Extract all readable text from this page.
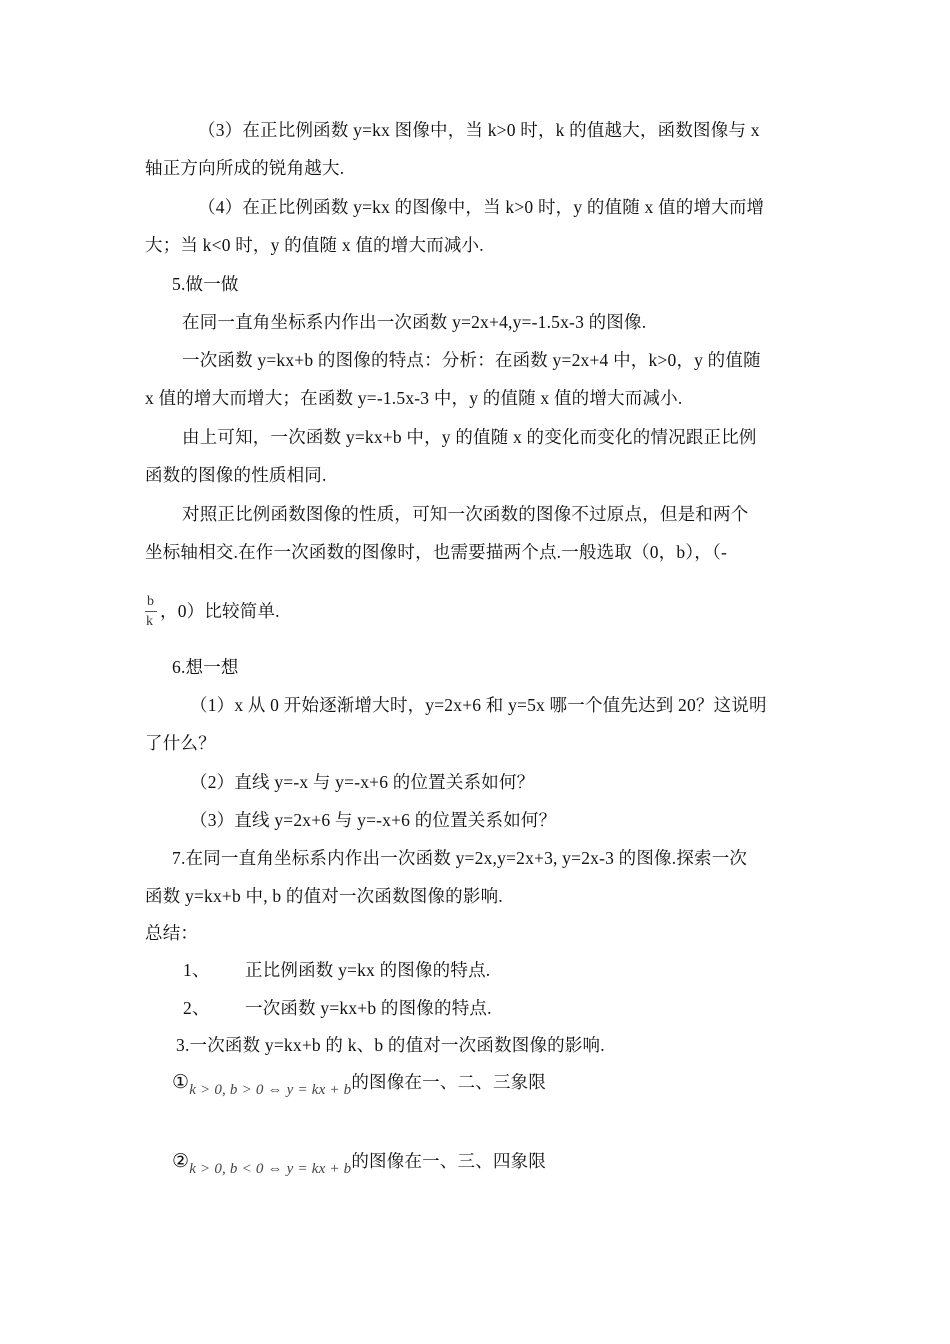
（3）在正比例函数 y=kx 图像中，当 k>0 时，k 的值越大，函数图像与 x
轴正方向所成的锐角越大.
（4）在正比例函数 y=kx 的图像中，当 k>0 时，y 的值随 x 值的增大而增
大；当 k<0 时，y 的值随 x 值的增大而减小.
5.做一做
在同一直角坐标系内作出一次函数 y=2x+4,y=-1.5x-3 的图像.
一次函数 y=kx+b 的图像的特点：分析：在函数 y=2x+4 中，k>0，y 的值随
x 值的增大而增大；在函数 y=-1.5x-3 中，y 的值随 x 值的增大而减小.
由上可知，一次函数 y=kx+b 中，y 的值随 x 的变化而变化的情况跟正比例
函数的图像的性质相同.
对照正比例函数图像的性质，可知一次函数的图像不过原点，但是和两个
坐标轴相交.在作一次函数的图像时，也需要描两个点.一般选取（0，b），（-
b
k
，0）比较简单.
6.想一想
（1）x 从 0 开始逐渐增大时，y=2x+6 和 y=5x 哪一个值先达到 20？这说明
了什么？
（2）直线 y=-x 与 y=-x+6 的位置关系如何？
（3）直线 y=2x+6 与 y=-x+6 的位置关系如何？
7.在同一直角坐标系内作出一次函数 y=2x,y=2x+3, y=2x-3 的图像.探索一次
函数 y=kx+b 中, b 的值对一次函数图像的影响.
总结：
1、 正比例函数 y=kx 的图像的特点.
2、 一次函数 y=kx+b 的图像的特点.
3.一次函数 y=kx+b 的 k、b 的值对一次函数图像的影响.
①k > 0, b > 0 ⇔ y = kx + b的图像在一、二、三象限
②k > 0, b < 0 ⇔ y = kx + b的图像在一、三、四象限
